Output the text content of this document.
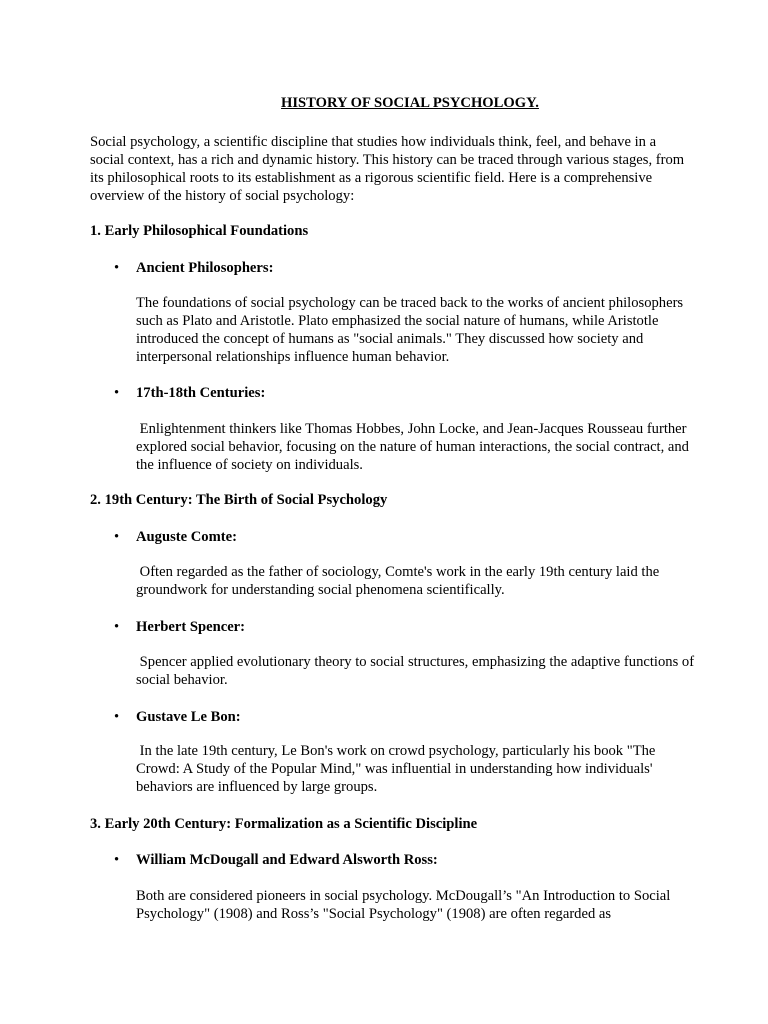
HISTORY OF SOCIAL PSYCHOLOGY.

Social psychology, a scientific discipline that studies how individuals think, feel, and behave in a social context, has a rich and dynamic history. This history can be traced through various stages, from its philosophical roots to its establishment as a rigorous scientific field. Here is a comprehensive overview of the history of social psychology:

1. Early Philosophical Foundations

• Ancient Philosophers:

The foundations of social psychology can be traced back to the works of ancient philosophers such as Plato and Aristotle. Plato emphasized the social nature of humans, while Aristotle introduced the concept of humans as "social animals." They discussed how society and interpersonal relationships influence human behavior.

• 17th-18th Centuries:

Enlightenment thinkers like Thomas Hobbes, John Locke, and Jean-Jacques Rousseau further explored social behavior, focusing on the nature of human interactions, the social contract, and the influence of society on individuals.

2. 19th Century: The Birth of Social Psychology

• Auguste Comte:

Often regarded as the father of sociology, Comte's work in the early 19th century laid the groundwork for understanding social phenomena scientifically.

• Herbert Spencer:

Spencer applied evolutionary theory to social structures, emphasizing the adaptive functions of social behavior.

• Gustave Le Bon:

In the late 19th century, Le Bon's work on crowd psychology, particularly his book "The Crowd: A Study of the Popular Mind," was influential in understanding how individuals' behaviors are influenced by large groups.

3. Early 20th Century: Formalization as a Scientific Discipline

• William McDougall and Edward Alsworth Ross:

Both are considered pioneers in social psychology. McDougall’s "An Introduction to Social Psychology" (1908) and Ross’s "Social Psychology" (1908) are often regarded as
